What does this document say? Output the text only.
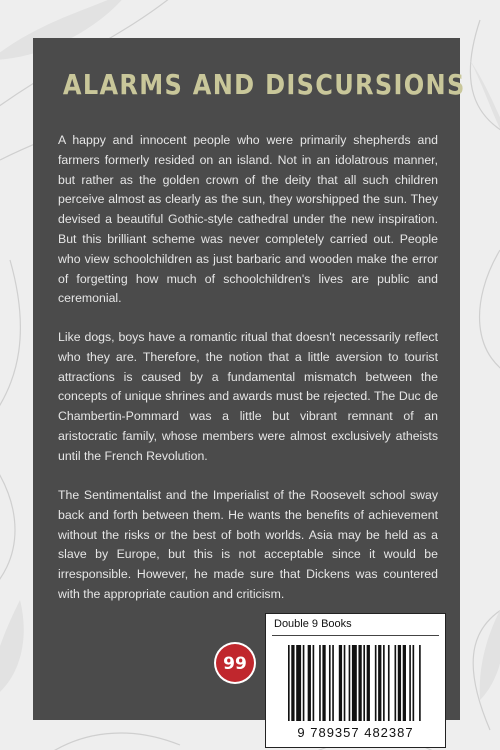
ALARMS AND DISCURSIONS

A happy and innocent people who were primarily shepherds and farmers formerly resided on an island. Not in an idolatrous manner, but rather as the golden crown of the deity that all such children perceive almost as clearly as the sun, they worshipped the sun. They devised a beautiful Gothic-style cathedral under the new inspiration. But this brilliant scheme was never completely carried out. People who view schoolchildren as just barbaric and wooden make the error of forgetting how much of schoolchildren's lives are public and ceremonial.

Like dogs, boys have a romantic ritual that doesn't necessarily reflect who they are. Therefore, the notion that a little aversion to tourist attractions is caused by a fundamental mismatch between the concepts of unique shrines and awards must be rejected. The Duc de Chambertin-Pommard was a little but vibrant remnant of an aristocratic family, whose members were almost exclusively atheists until the French Revolution.

The Sentimentalist and the Imperialist of the Roosevelt school sway back and forth between them. He wants the benefits of achievement without the risks or the best of both worlds. Asia may be held as a slave by Europe, but this is not acceptable since it would be irresponsible. However, he made sure that Dickens was countered with the appropriate caution and criticism.

99
Double 9 Books
9 789357 482387
